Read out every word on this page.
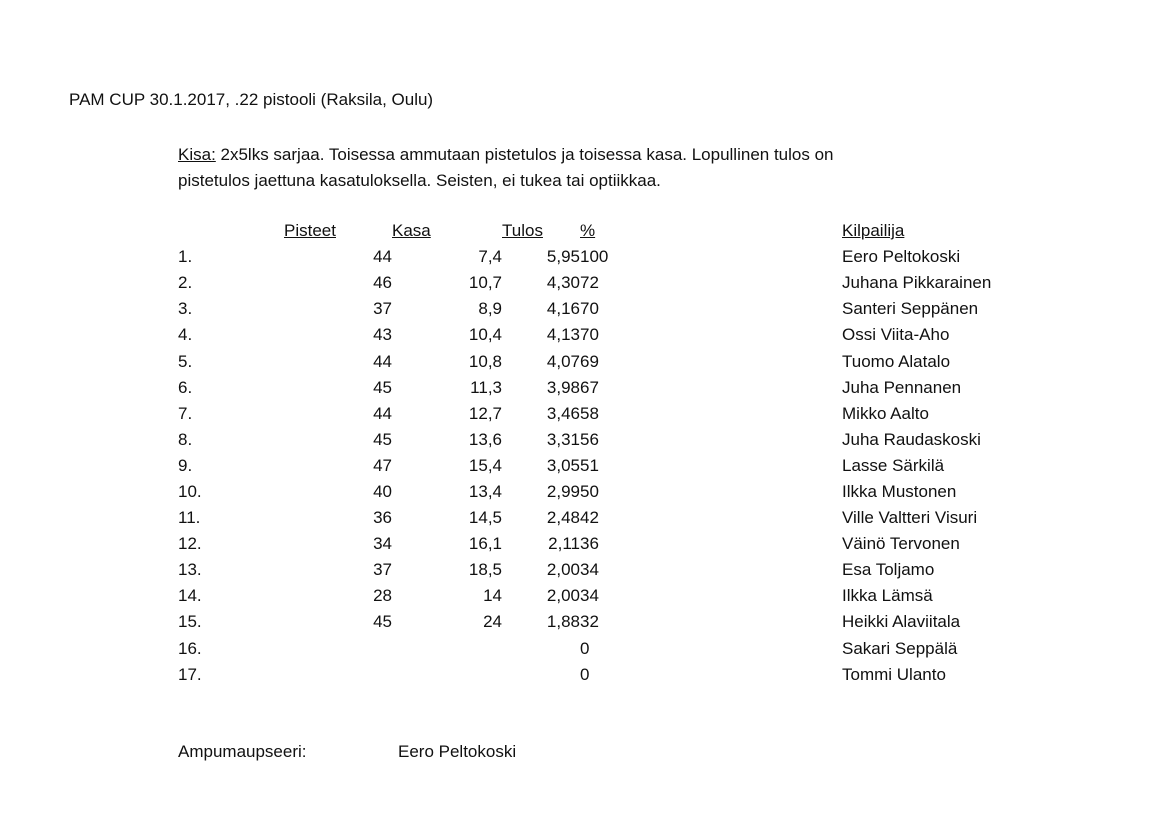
PAM CUP 30.1.2017, .22 pistooli (Raksila, Oulu)
Kisa: 2x5lks sarjaa. Toisessa ammutaan pistetulos ja toisessa kasa. Lopullinen tulos on
pistetulos jaettuna kasatuloksella. Seisten, ei tukea tai optiikkaa.
	Pisteet	Kasa	Tulos	%		Kilpailija
1.	44	7,4	5,95	100		Eero Peltokoski
2.	46	10,7	4,30	72		Juhana Pikkarainen
3.	37	8,9	4,16	70		Santeri Seppänen
4.	43	10,4	4,13	70		Ossi Viita-Aho
5.	44	10,8	4,07	69		Tuomo Alatalo
6.	45	11,3	3,98	67		Juha Pennanen
7.	44	12,7	3,46	58		Mikko Aalto
8.	45	13,6	3,31	56		Juha Raudaskoski
9.	47	15,4	3,05	51		Lasse Särkilä
10.	40	13,4	2,99	50		Ilkka Mustonen
11.	36	14,5	2,48	42		Ville Valtteri Visuri
12.	34	16,1	2,11	36		Väinö Tervonen
13.	37	18,5	2,00	34		Esa Toljamo
14.	28	14	2,00	34		Ilkka Lämsä
15.	45	24	1,88	32		Heikki Alaviitala
16.				0		Sakari Seppälä
17.				0		Tommi Ulanto
Ampumaupseeri:	Eero Peltokoski
